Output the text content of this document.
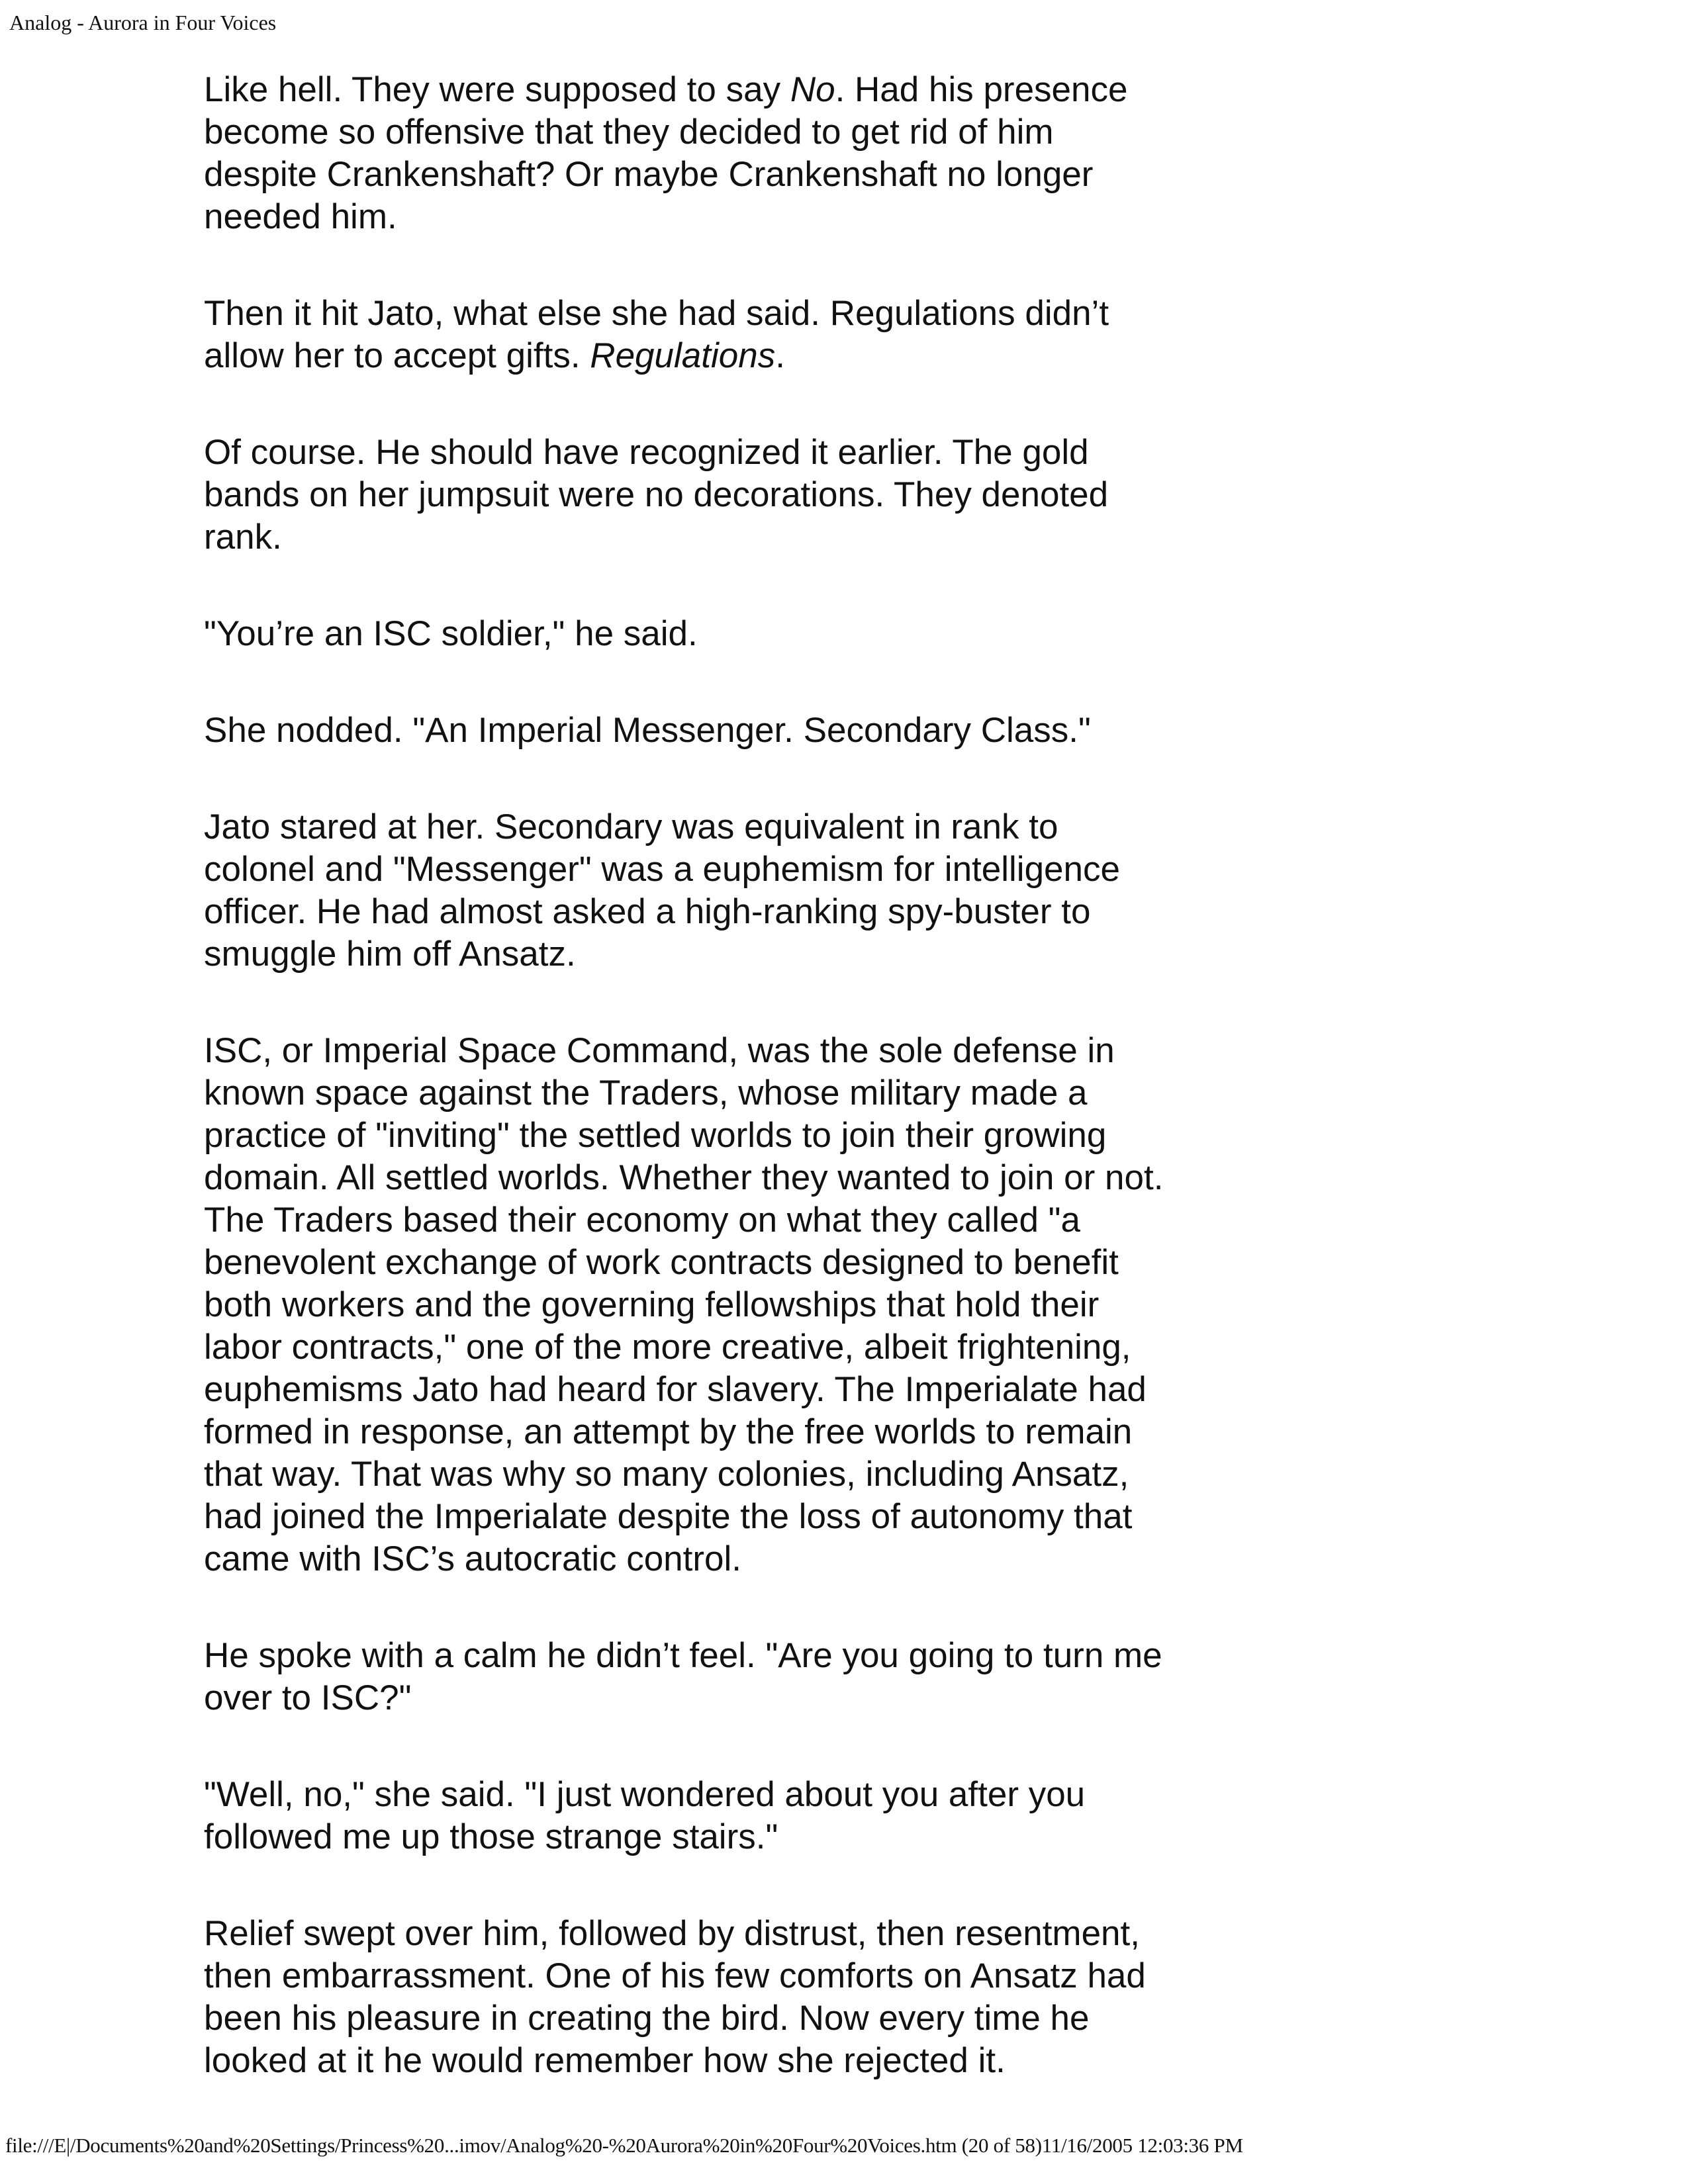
Analog - Aurora in Four Voices

Like hell. They were supposed to say No. Had his presence
become so offensive that they decided to get rid of him
despite Crankenshaft? Or maybe Crankenshaft no longer
needed him.

Then it hit Jato, what else she had said. Regulations didn’t
allow her to accept gifts. Regulations.

Of course. He should have recognized it earlier. The gold
bands on her jumpsuit were no decorations. They denoted
rank.

"You’re an ISC soldier," he said.

She nodded. "An Imperial Messenger. Secondary Class."

Jato stared at her. Secondary was equivalent in rank to
colonel and "Messenger" was a euphemism for intelligence
officer. He had almost asked a high-ranking spy-buster to
smuggle him off Ansatz.

ISC, or Imperial Space Command, was the sole defense in
known space against the Traders, whose military made a
practice of "inviting" the settled worlds to join their growing
domain. All settled worlds. Whether they wanted to join or not.
The Traders based their economy on what they called "a
benevolent exchange of work contracts designed to benefit
both workers and the governing fellowships that hold their
labor contracts," one of the more creative, albeit frightening,
euphemisms Jato had heard for slavery. The Imperialate had
formed in response, an attempt by the free worlds to remain
that way. That was why so many colonies, including Ansatz,
had joined the Imperialate despite the loss of autonomy that
came with ISC’s autocratic control.

He spoke with a calm he didn’t feel. "Are you going to turn me
over to ISC?"

"Well, no," she said. "I just wondered about you after you
followed me up those strange stairs."

Relief swept over him, followed by distrust, then resentment,
then embarrassment. One of his few comforts on Ansatz had
been his pleasure in creating the bird. Now every time he
looked at it he would remember how she rejected it.

file:///E|/Documents%20and%20Settings/Princess%20...imov/Analog%20-%20Aurora%20in%20Four%20Voices.htm (20 of 58)11/16/2005 12:03:36 PM
